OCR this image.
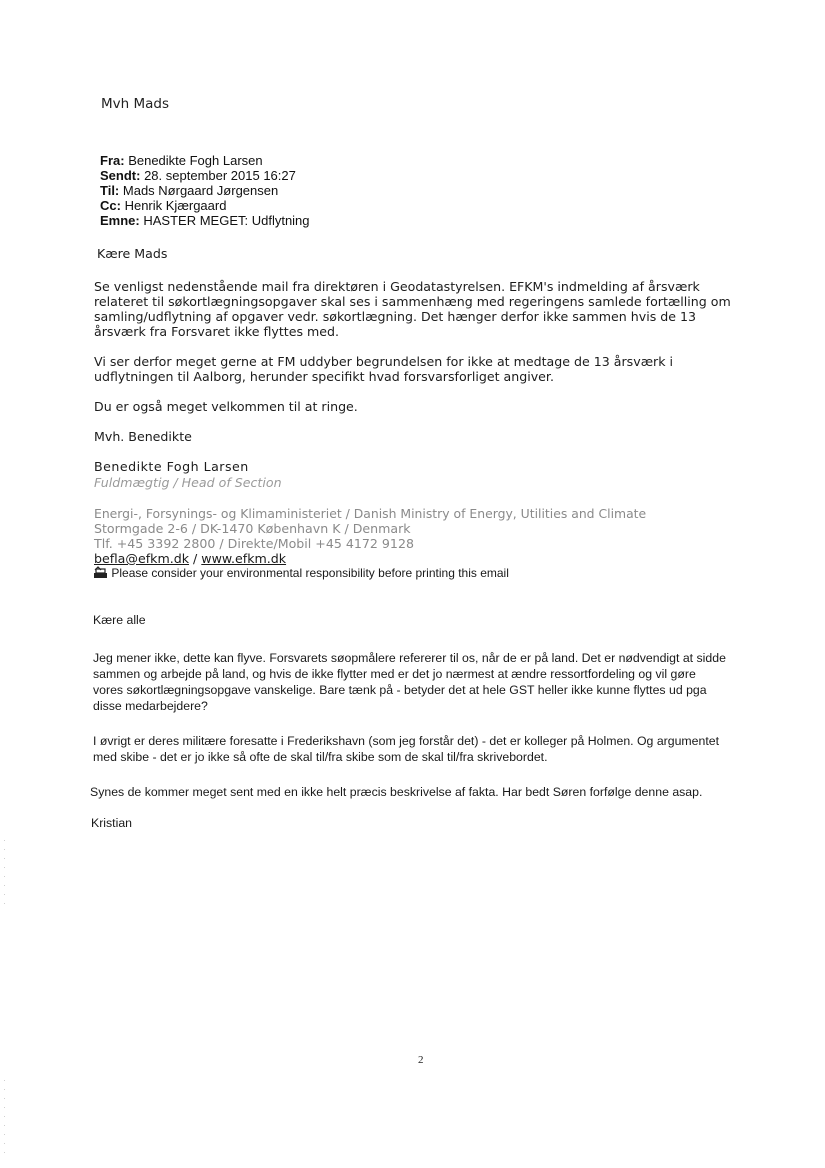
Mvh Mads
Fra: Benedikte Fogh Larsen
Sendt: 28. september 2015 16:27
Til: Mads Nørgaard Jørgensen
Cc: Henrik Kjærgaard
Emne: HASTER MEGET: Udflytning
Kære Mads
Se venligst nedenstående mail fra direktøren i Geodatastyrelsen. EFKM's indmelding af årsværk
relateret til søkortlægningsopgaver skal ses i sammenhæng med regeringens samlede fortælling om
samling/udflytning af opgaver vedr. søkortlægning. Det hænger derfor ikke sammen hvis de 13
årsværk fra Forsvaret ikke flyttes med.
Vi ser derfor meget gerne at FM uddyber begrundelsen for ikke at medtage de 13 årsværk i
udflytningen til Aalborg, herunder specifikt hvad forsvarsforliget angiver.
Du er også meget velkommen til at ringe.
Mvh. Benedikte
Benedikte Fogh Larsen
Fuldmægtig / Head of Section
Energi-, Forsynings- og Klimaministeriet / Danish Ministry of Energy, Utilities and Climate
Stormgade 2-6 / DK-1470 København K / Denmark
Tlf. +45 3392 2800 / Direkte/Mobil +45 4172 9128
befla@efkm.dk / www.efkm.dk
Please consider your environmental responsibility before printing this email
Kære alle
Jeg mener ikke, dette kan flyve. Forsvarets søopmålere refererer til os, når de er på land. Det er nødvendigt at sidde
sammen og arbejde på land, og hvis de ikke flytter med er det jo nærmest at ændre ressortfordeling og vil gøre
vores søkortlægningsopgave vanskelige. Bare tænk på - betyder det at hele GST heller ikke kunne flyttes ud pga
disse medarbejdere?
I øvrigt er deres militære foresatte i Frederikshavn (som jeg forstår det) - det er kolleger på Holmen. Og argumentet
med skibe - det er jo ikke så ofte de skal til/fra skibe som de skal til/fra skrivebordet.
Synes de kommer meget sent med en ikke helt præcis beskrivelse af fakta. Har bedt Søren forfølge denne asap.
Kristian
2
